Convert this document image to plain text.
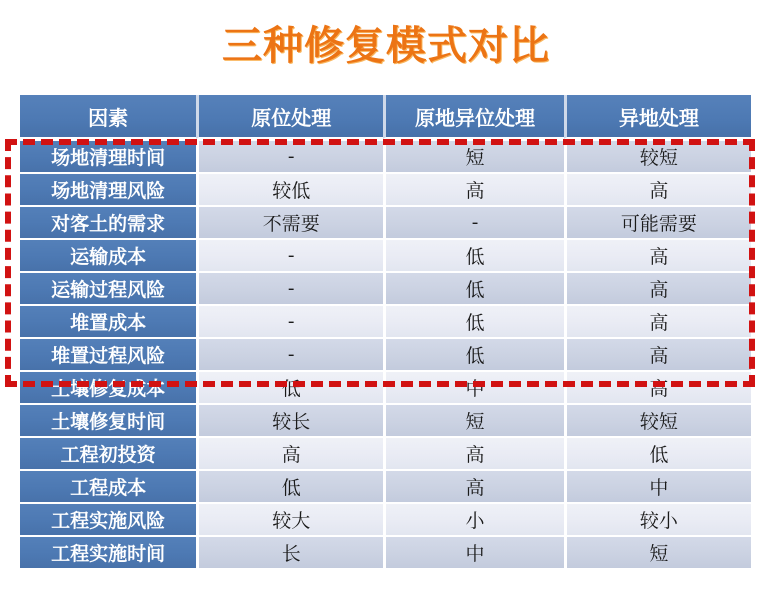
三种修复模式对比
因素	原位处理	原地异位处理	异地处理
场地清理时间	-	短	较短
场地清理风险	较低	高	高
对客土的需求	不需要	-	可能需要
运输成本	-	低	高
运输过程风险	-	低	高
堆置成本	-	低	高
堆置过程风险	-	低	高
土壤修复成本	低	中	高
土壤修复时间	较长	短	较短
工程初投资	高	高	低
工程成本	低	高	中
工程实施风险	较大	小	较小
工程实施时间	长	中	短
